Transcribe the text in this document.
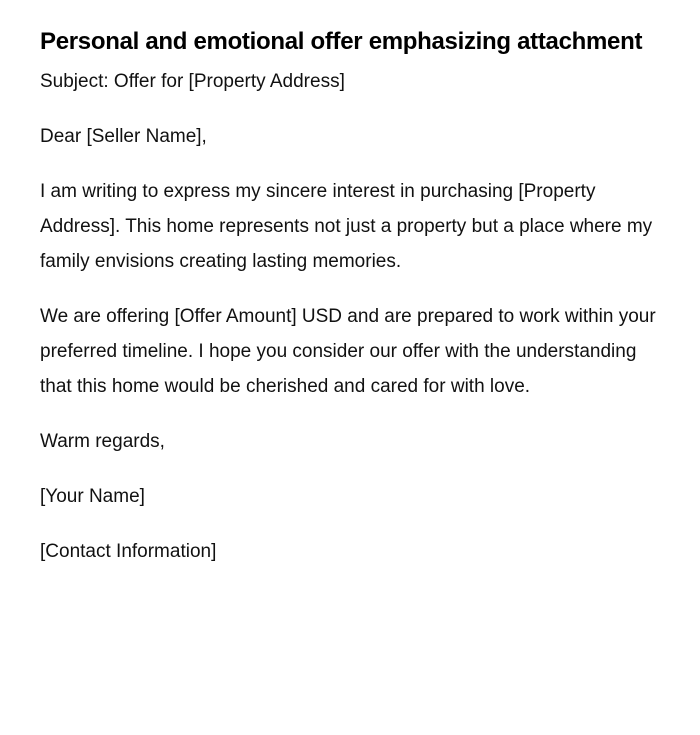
Personal and emotional offer emphasizing attachment

Subject: Offer for [Property Address]

Dear [Seller Name],

I am writing to express my sincere interest in purchasing [Property Address]. This home represents not just a property but a place where my family envisions creating lasting memories.

We are offering [Offer Amount] USD and are prepared to work within your preferred timeline. I hope you consider our offer with the understanding that this home would be cherished and cared for with love.

Warm regards,

[Your Name]

[Contact Information]
